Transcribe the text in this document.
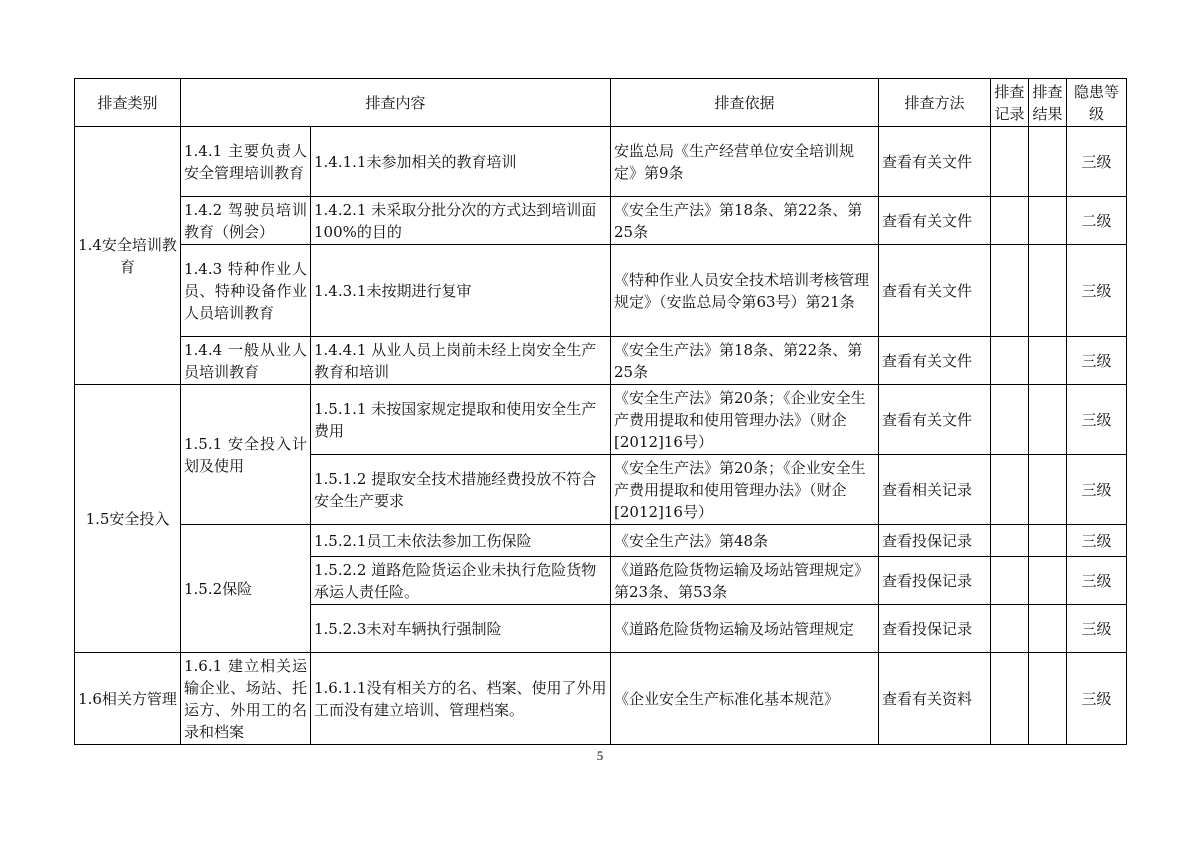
排查类别	排查内容		排查依据	排查方法	排查记录	排查结果	隐患等级
1.4安全培训教育	1.4.1 主要负责人安全管理培训教育	1.4.1.1未参加相关的教育培训	安监总局《生产经营单位安全培训规定》第9条	查看有关文件			三级
	1.4.2 驾驶员培训教育（例会）	1.4.2.1 未采取分批分次的方式达到培训面100%的目的	《安全生产法》第18条、第22条、第25条	查看有关文件			二级
	1.4.3 特种作业人员、特种设备作业人员培训教育	1.4.3.1未按期进行复审	《特种作业人员安全技术培训考核管理规定》（安监总局令第63号）第21条	查看有关文件			三级
	1.4.4 一般从业人员培训教育	1.4.4.1 从业人员上岗前未经上岗安全生产教育和培训	《安全生产法》第18条、第22条、第25条	查看有关文件			三级
1.5安全投入	1.5.1 安全投入计划及使用	1.5.1.1 未按国家规定提取和使用安全生产费用	《安全生产法》第20条；《企业安全生产费用提取和使用管理办法》（财企[2012]16号）	查看有关文件			三级
		1.5.1.2 提取安全技术措施经费投放不符合安全生产要求	《安全生产法》第20条；《企业安全生产费用提取和使用管理办法》（财企[2012]16号）	查看相关记录			三级
	1.5.2保险	1.5.2.1员工未依法参加工伤保险	《安全生产法》第48条	查看投保记录			三级
		1.5.2.2 道路危险货运企业未执行危险货物承运人责任险。	《道路危险货物运输及场站管理规定》第23条、第53条	查看投保记录			三级
		1.5.2.3未对车辆执行强制险	《道路危险货物运输及场站管理规定	查看投保记录			三级
1.6相关方管理	1.6.1 建立相关运输企业、场站、托运方、外用工的名录和档案	1.6.1.1没有相关方的名、档案、使用了外用工而没有建立培训、管理档案。	《企业安全生产标准化基本规范》	查看有关资料			三级
5
